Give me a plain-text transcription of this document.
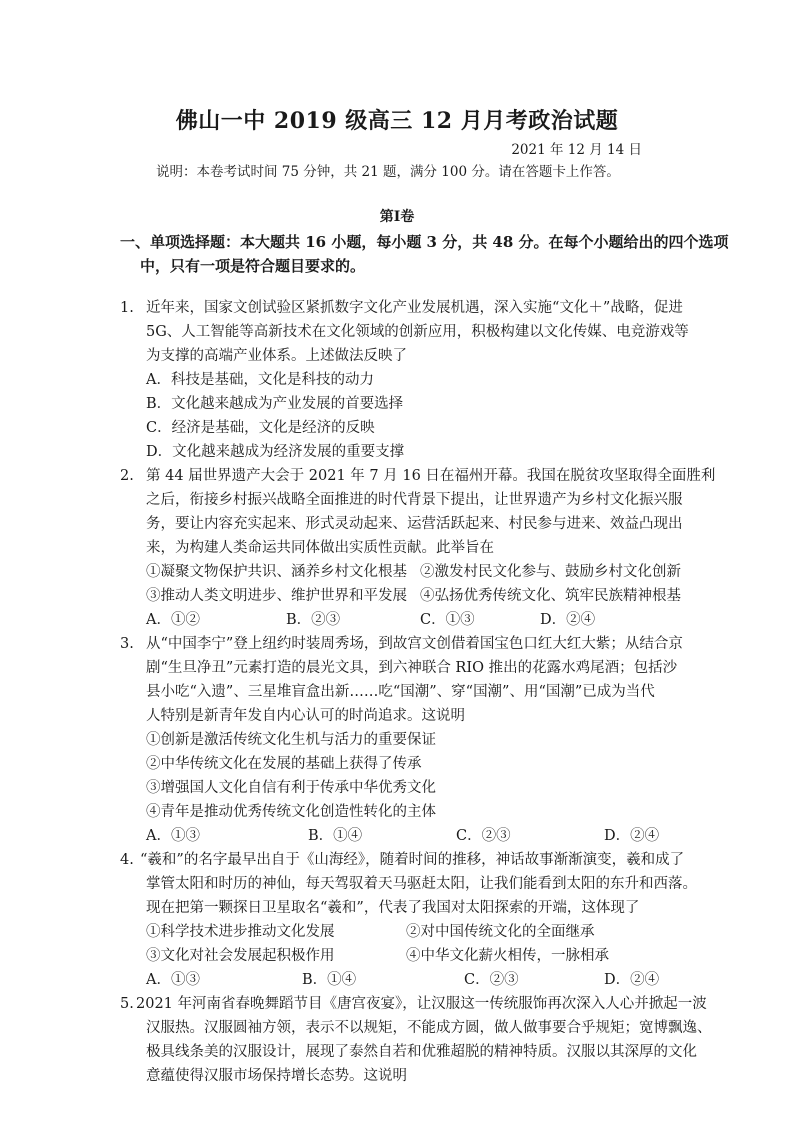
佛山一中 2019 级高三 12 月月考政治试题
2021 年 12 月 14 日
说明：本卷考试时间 75 分钟，共 21 题，满分 100 分。请在答题卡上作答。
第Ⅰ卷
一、单项选择题：本大题共 16 小题，每小题 3 分，共 48 分。在每个小题给出的四个选项
中，只有一项是符合题目要求的。
1. 近年来，国家文创试验区紧抓数字文化产业发展机遇，深入实施“文化＋”战略，促进
5G、人工智能等高新技术在文化领域的创新应用，积极构建以文化传媒、电竞游戏等
为支撑的高端产业体系。上述做法反映了
A．科技是基础，文化是科技的动力
B．文化越来越成为产业发展的首要选择
C．经济是基础，文化是经济的反映
D．文化越来越成为经济发展的重要支撑
2. 第 44 届世界遗产大会于 2021 年 7 月 16 日在福州开幕。我国在脱贫攻坚取得全面胜利
之后，衔接乡村振兴战略全面推进的时代背景下提出，让世界遗产为乡村文化振兴服
务，要让内容充实起来、形式灵动起来、运营活跃起来、村民参与进来、效益凸现出
来，为构建人类命运共同体做出实质性贡献。此举旨在
①凝聚文物保护共识、涵养乡村文化根基 ②激发村民文化参与、鼓励乡村文化创新
③推动人类文明进步、维护世界和平发展 ④弘扬优秀传统文化、筑牢民族精神根基
A．①②	B．②③	C．①③	D．②④
3. 从“中国李宁”登上纽约时装周秀场，到故宫文创借着国宝色口红大红大紫；从结合京
剧“生旦净丑”元素打造的晨光文具，到六神联合 RIO 推出的花露水鸡尾酒；包括沙
县小吃“入遗”、三星堆盲盒出新……吃“国潮”、穿“国潮”、用“国潮”已成为当代
人特别是新青年发自内心认可的时尚追求。这说明
①创新是激活传统文化生机与活力的重要保证
②中华传统文化在发展的基础上获得了传承
③增强国人文化自信有利于传承中华优秀文化
④青年是推动优秀传统文化创造性转化的主体
A．①③	B．①④	C．②③	D．②④
4. “羲和”的名字最早出自于《山海经》，随着时间的推移，神话故事渐渐演变，羲和成了
掌管太阳和时历的神仙，每天驾驭着天马驱赶太阳，让我们能看到太阳的东升和西落。
现在把第一颗探日卫星取名“羲和”，代表了我国对太阳探索的开端，这体现了
①科学技术进步推动文化发展	②对中国传统文化的全面继承
③文化对社会发展起积极作用	④中华文化薪火相传，一脉相承
A．①③	B．①④	C．②③	D．②④
5. 2021 年河南省春晚舞蹈节目《唐宫夜宴》，让汉服这一传统服饰再次深入人心并掀起一波
汉服热。汉服圆袖方领，表示不以规矩，不能成方圆，做人做事要合乎规矩；宽博飘逸、
极具线条美的汉服设计，展现了泰然自若和优雅超脱的精神特质。汉服以其深厚的文化
意蕴使得汉服市场保持增长态势。这说明
